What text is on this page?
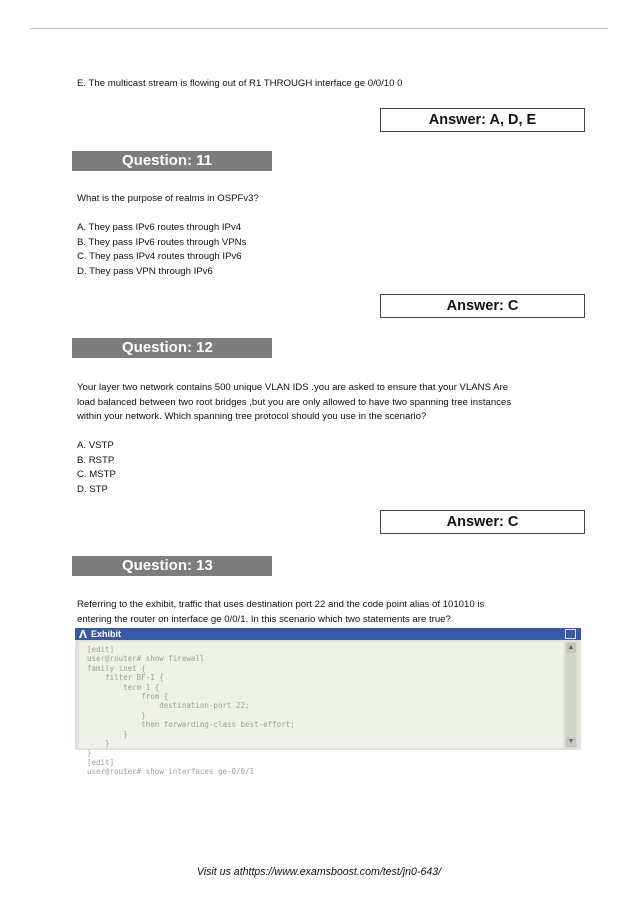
E. The multicast stream is flowing out of R1 THROUGH interface ge 0/0/10 0
Answer: A, D, E
Question: 11
What is the purpose of realms in OSPFv3?
A. They pass IPv6 routes through IPv4
B. They pass IPv6 routes through VPNs
C. They pass IPv4 routes through IPv6
D. They pass VPN through IPv6
Answer: C
Question: 12
Your layer two network contains 500 unique VLAN IDS .you are asked to ensure that your VLANS Are
load balanced between two root bridges ,but you are only allowed to have two spanning tree instances
within your network. Which spanning tree protocol should you use in the scenario?
A. VSTP
B. RSTP
C. MSTP
D. STP
Answer: C
Question: 13
Referring to the exhibit, traffic that uses destination port 22 and the code point alias of 101010 is
entering the router on interface ge 0/0/1. In this scenario which two statements are true?
Exhibit
[edit]
user@router# show firewall
family inet {
filter BF-1 {
term 1 {
from {
destination-port 22;
}
then forwarding-class best-effort;
}
}
}
[edit]
user@router# show interfaces ge-0/0/1
▲
▼
Visit us athttps://www.examsboost.com/test/jn0-643/
